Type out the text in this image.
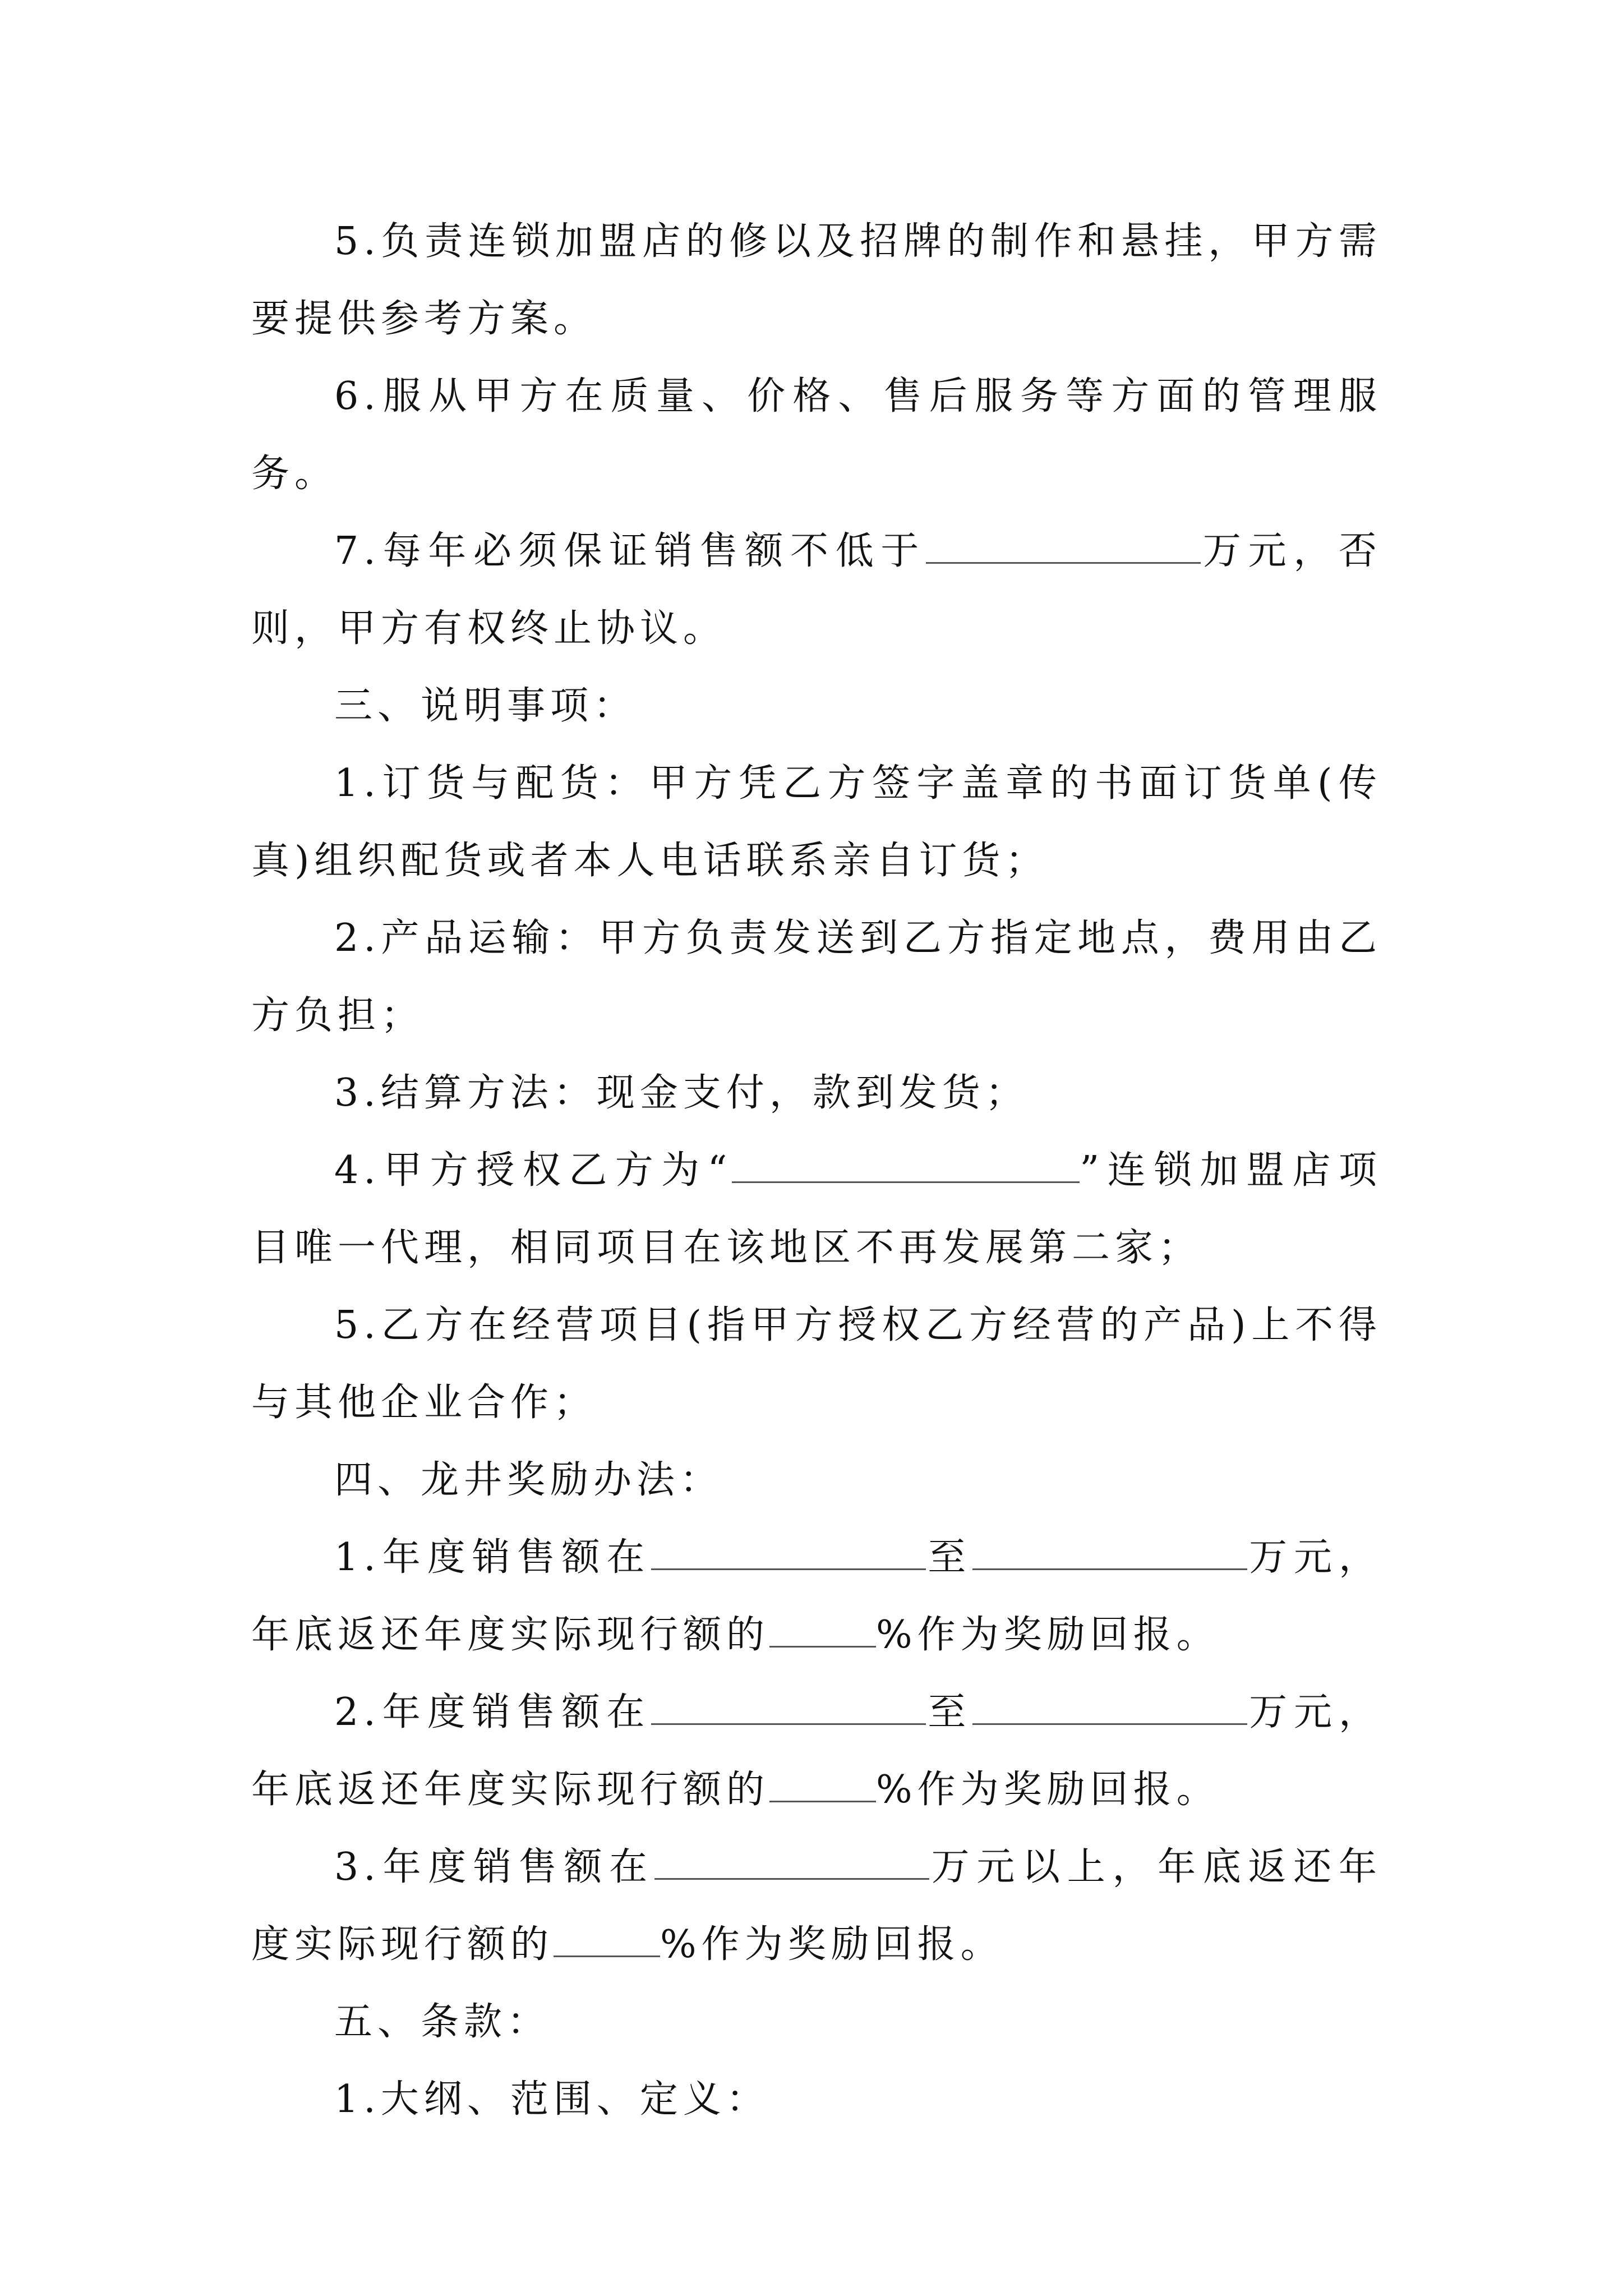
5.负责连锁加盟店的修以及招牌的制作和悬挂，甲方需要提供参考方案。

6.服从甲方在质量、价格、售后服务等方面的管理服务。

7.每年必须保证销售额不低于	万元，否则，甲方有权终止协议。

三、说明事项：

1.订货与配货：甲方凭乙方签字盖章的书面订货单(传真)组织配货或者本人电话联系亲自订货；

2.产品运输：甲方负责发送到乙方指定地点，费用由乙方负担；

3.结算方法：现金支付，款到发货；

4.甲方授权乙方为“	”连锁加盟店项目唯一代理，相同项目在该地区不再发展第二家；

5.乙方在经营项目(指甲方授权乙方经营的产品)上不得与其他企业合作；

四、龙井奖励办法：

1.年度销售额在	至	万元，年底返还年度实际现行额的	%作为奖励回报。

2.年度销售额在	至	万元，年底返还年度实际现行额的	%作为奖励回报。

3.年度销售额在	万元以上，年底返还年度实际现行额的	%作为奖励回报。

五、条款：

1.大纲、范围、定义：
